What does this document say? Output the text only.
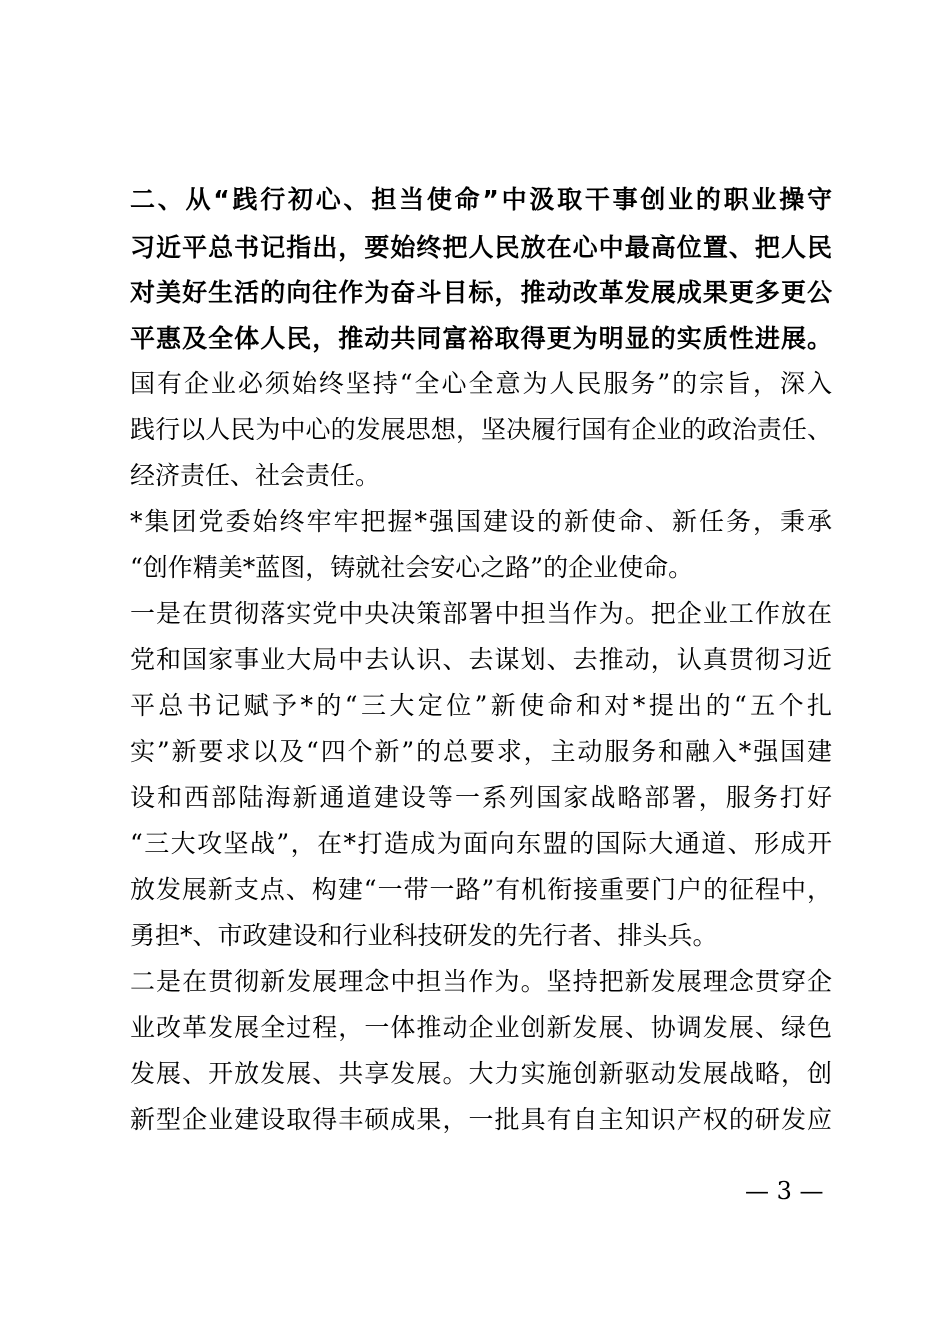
二、从“践行初心、担当使命”中汲取干事创业的职业操守
习近平总书记指出，要始终把人民放在心中最高位置、把人民
对美好生活的向往作为奋斗目标，推动改革发展成果更多更公
平惠及全体人民，推动共同富裕取得更为明显的实质性进展。
国有企业必须始终坚持“全心全意为人民服务”的宗旨，深入
践行以人民为中心的发展思想，坚决履行国有企业的政治责任、
经济责任、社会责任。
*集团党委始终牢牢把握*强国建设的新使命、新任务，秉承
“创作精美*蓝图，铸就社会安心之路”的企业使命。
一是在贯彻落实党中央决策部署中担当作为。把企业工作放在
党和国家事业大局中去认识、去谋划、去推动，认真贯彻习近
平总书记赋予*的“三大定位”新使命和对*提出的“五个扎
实”新要求以及“四个新”的总要求，主动服务和融入*强国建
设和西部陆海新通道建设等一系列国家战略部署，服务打好
“三大攻坚战”，在*打造成为面向东盟的国际大通道、形成开
放发展新支点、构建“一带一路”有机衔接重要门户的征程中，
勇担*、市政建设和行业科技研发的先行者、排头兵。
二是在贯彻新发展理念中担当作为。坚持把新发展理念贯穿企
业改革发展全过程，一体推动企业创新发展、协调发展、绿色
发展、开放发展、共享发展。大力实施创新驱动发展战略，创
新型企业建设取得丰硕成果，一批具有自主知识产权的研发应
— 3 —
